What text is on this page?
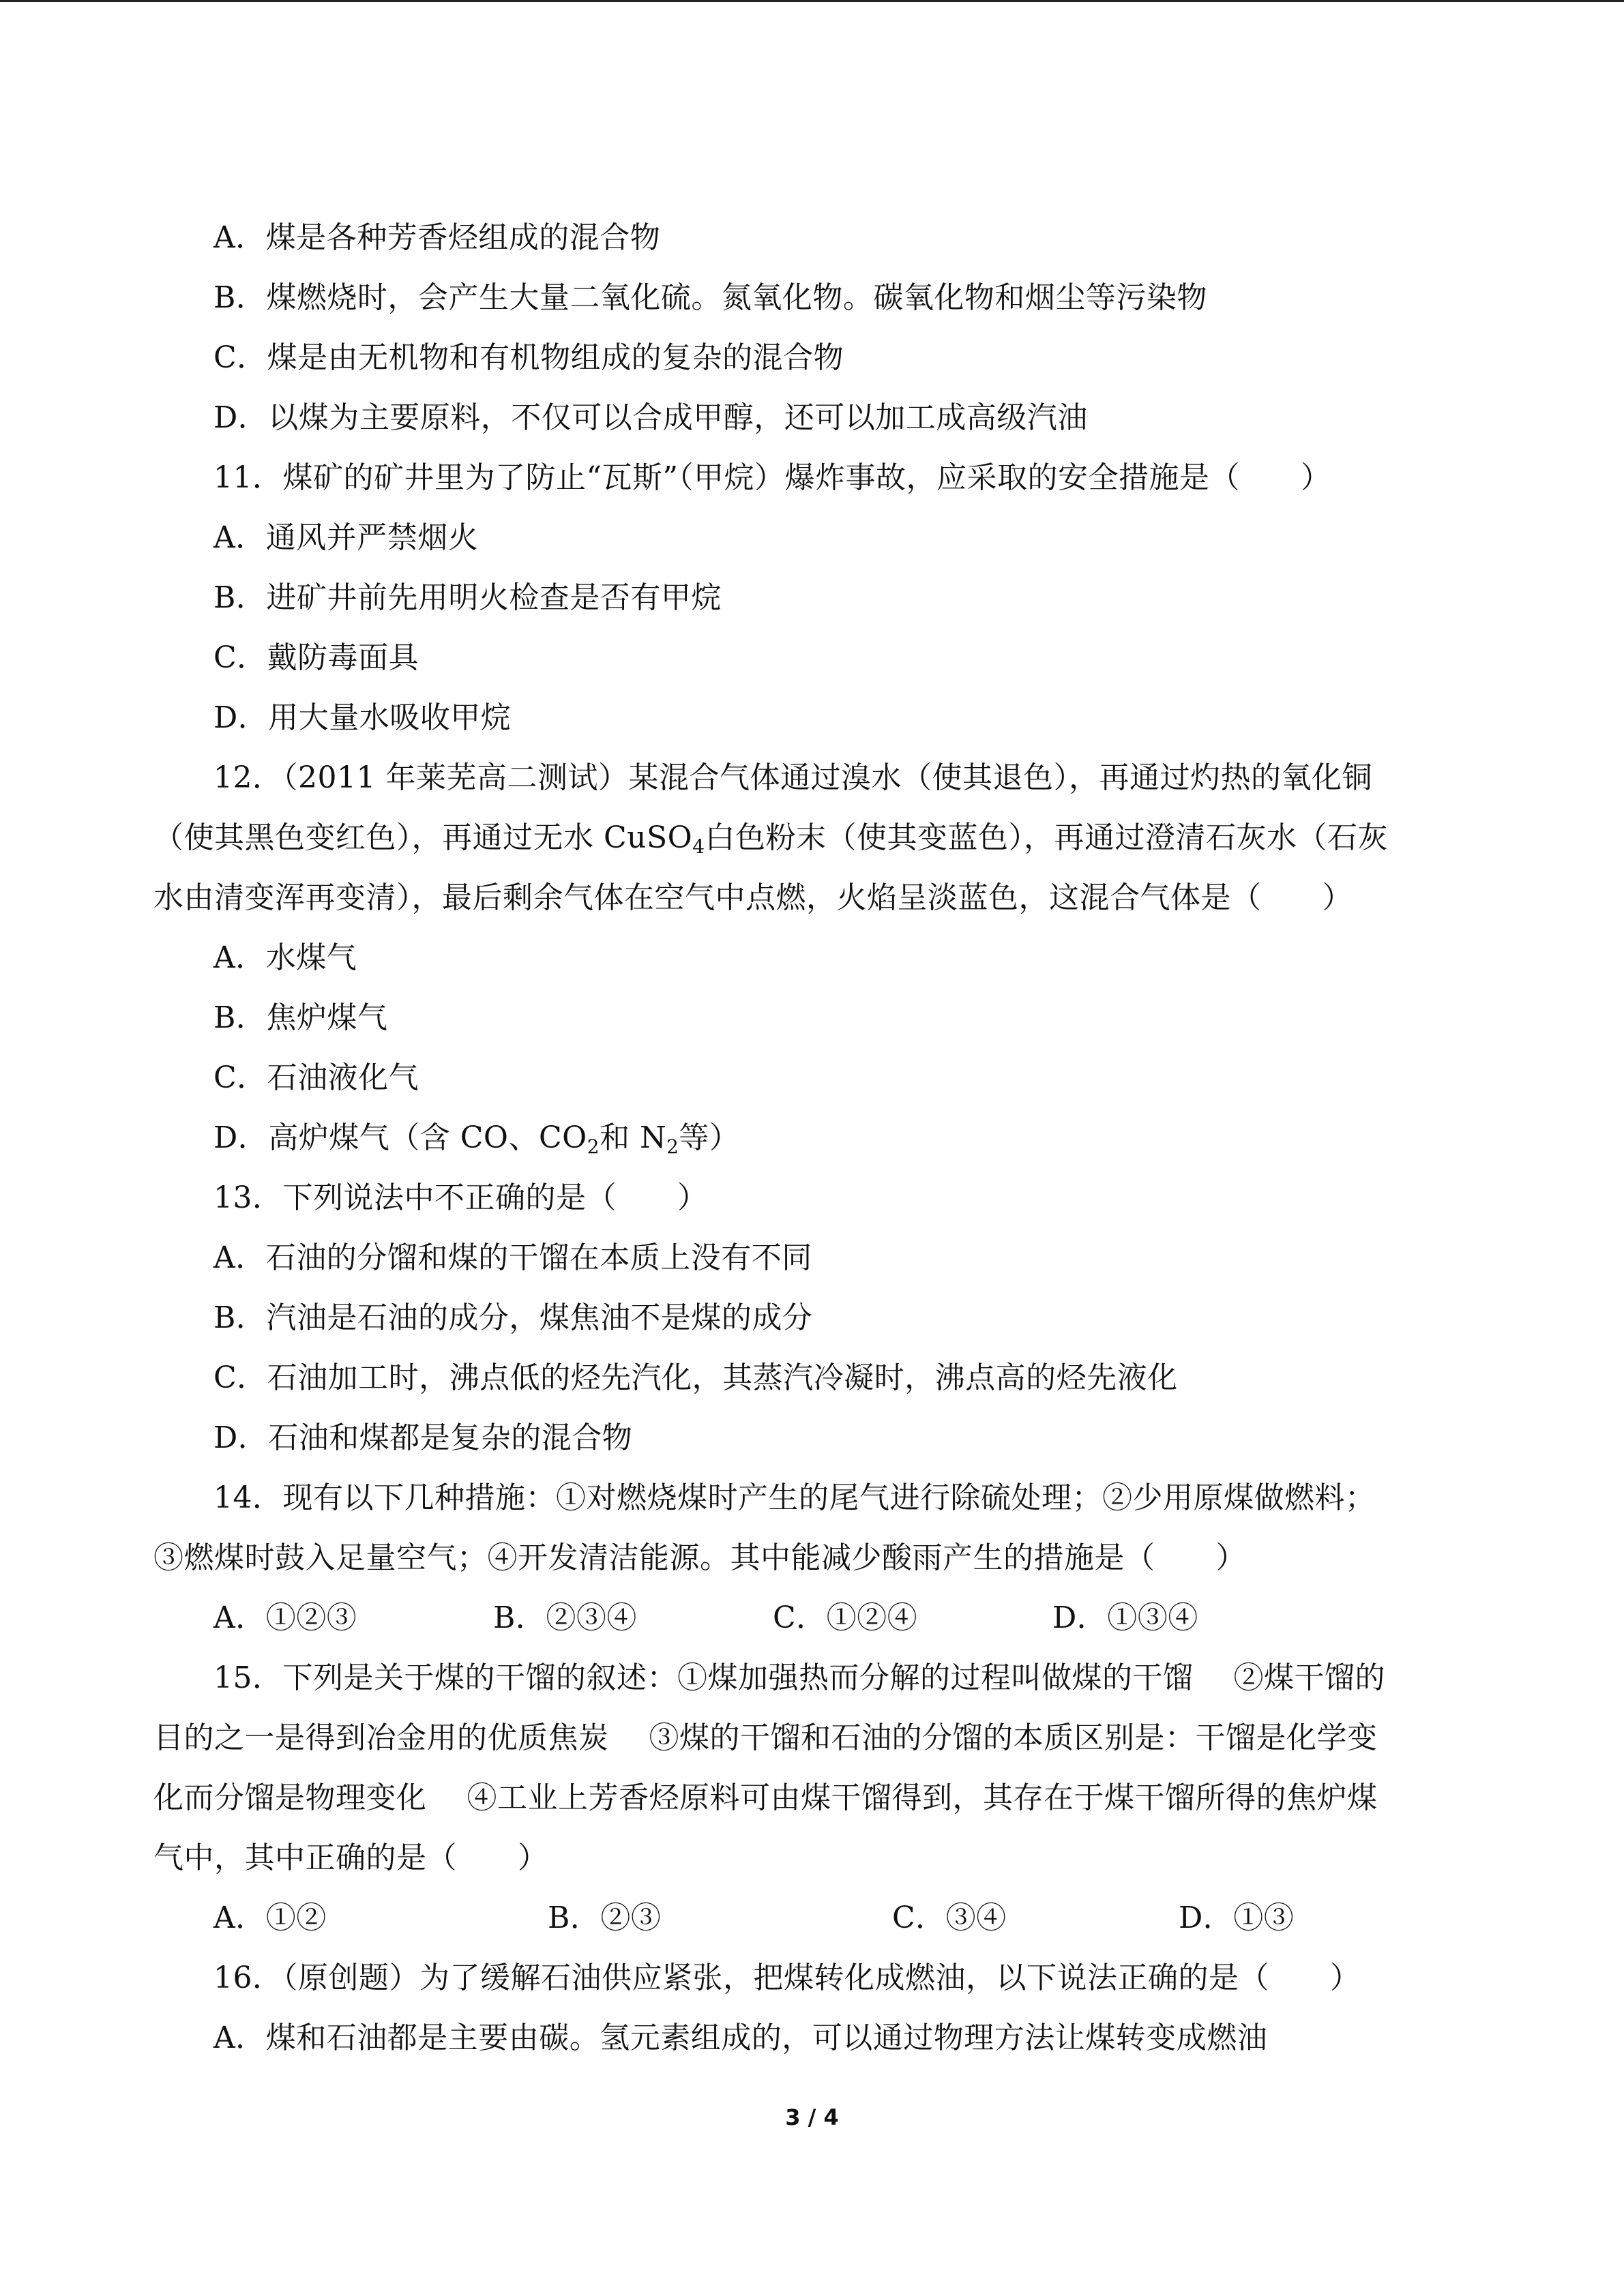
A．煤是各种芳香烃组成的混合物
B．煤燃烧时，会产生大量二氧化硫。氮氧化物。碳氧化物和烟尘等污染物
C．煤是由无机物和有机物组成的复杂的混合物
D．以煤为主要原料，不仅可以合成甲醇，还可以加工成高级汽油
11．煤矿的矿井里为了防止“瓦斯”（甲烷）爆炸事故，应采取的安全措施是（　　）
A．通风并严禁烟火
B．进矿井前先用明火检查是否有甲烷
C．戴防毒面具
D．用大量水吸收甲烷
12．（2011 年莱芜高二测试）某混合气体通过溴水（使其退色），再通过灼热的氧化铜
（使其黑色变红色），再通过无水 CuSO$_4$白色粉末（使其变蓝色），再通过澄清石灰水（石灰
水由清变浑再变清），最后剩余气体在空气中点燃，火焰呈淡蓝色，这混合气体是（　　）
A．水煤气
B．焦炉煤气
C．石油液化气
D．高炉煤气（含 CO、$CO_2$和 $N_2$等）
13．下列说法中不正确的是（　　）
A．石油的分馏和煤的干馏在本质上没有不同
B．汽油是石油的成分，煤焦油不是煤的成分
C．石油加工时，沸点低的烃先汽化，其蒸汽冷凝时，沸点高的烃先液化
D．石油和煤都是复杂的混合物
14．现有以下几种措施：①对燃烧煤时产生的尾气进行除硫处理；②少用原煤做燃料；
③燃煤时鼓入足量空气；④开发清洁能源。其中能减少酸雨产生的措施是（　　）
A．①②③	B．②③④	C．①②④	D．①③④
15．下列是关于煤的干馏的叙述：①煤加强热而分解的过程叫做煤的干馏　 ②煤干馏的
目的之一是得到冶金用的优质焦炭　 ③煤的干馏和石油的分馏的本质区别是：干馏是化学变
化而分馏是物理变化　 ④工业上芳香烃原料可由煤干馏得到，其存在于煤干馏所得的焦炉煤
气中，其中正确的是（　　）
A．①②	B．②③	C．③④	D．①③
16．（原创题）为了缓解石油供应紧张，把煤转化成燃油，以下说法正确的是（　　）
A．煤和石油都是主要由碳。氢元素组成的，可以通过物理方法让煤转变成燃油
3 / 4
